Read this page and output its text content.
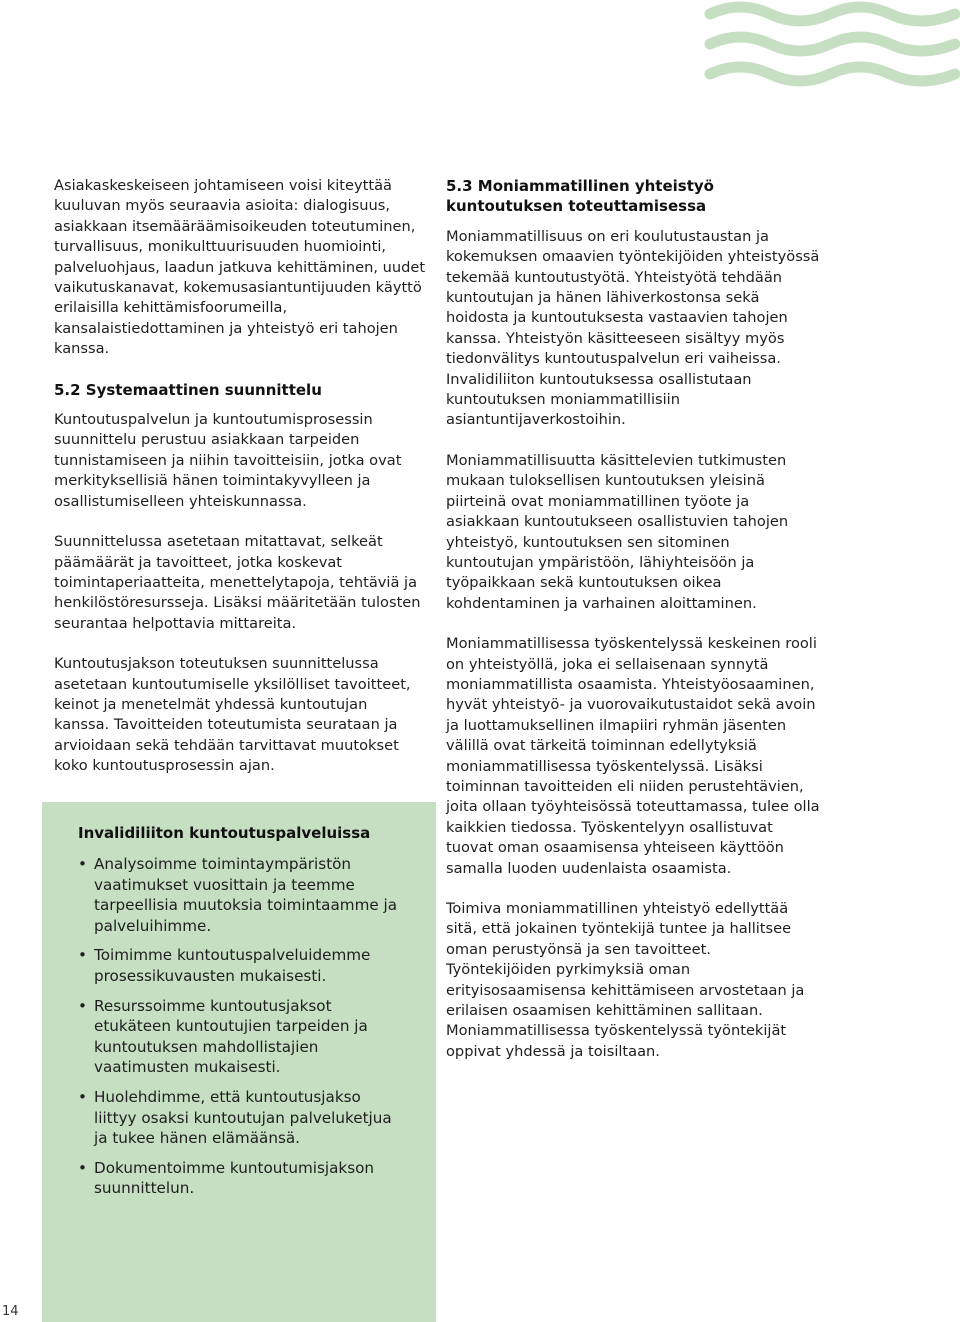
Asiakaskeskeiseen johtamiseen voisi kiteyttää kuuluvan myös seuraavia asioita: dialogisuus, asiakkaan itsemääräämisoikeuden toteutuminen, turvallisuus, monikulttuurisuuden huomiointi, palveluohjaus, laadun jatkuva kehittäminen, uudet vaikutuskanavat, kokemusasiantuntijuuden käyttö erilaisilla kehittämisfoorumeilla, kansalaistiedottaminen ja yhteistyö eri tahojen kanssa.

5.2 Systemaattinen suunnittelu

Kuntoutuspalvelun ja kuntoutumisprosessin suunnittelu perustuu asiakkaan tarpeiden tunnistamiseen ja niihin tavoitteisiin, jotka ovat merkityksellisiä hänen toimintakyvylleen ja osallistumiselleen yhteiskunnassa.

Suunnittelussa asetetaan mitattavat, selkeät päämäärät ja tavoitteet, jotka koskevat toimintaperiaatteita, menettelytapoja, tehtäviä ja henkilöstöresursseja. Lisäksi määritetään tulosten seurantaa helpottavia mittareita.

Kuntoutusjakson toteutuksen suunnittelussa asetetaan kuntoutumiselle yksilölliset tavoitteet, keinot ja menetelmät yhdessä kuntoutujan kanssa. Tavoitteiden toteutumista seurataan ja arvioidaan sekä tehdään tarvittavat muutokset koko kuntoutusprosessin ajan.

Invalidiliiton kuntoutuspalveluissa
• Analysoimme toimintaympäristön vaatimukset vuosittain ja teemme tarpeellisia muutoksia toimintaamme ja palveluihimme.
• Toimimme kuntoutuspalveluidemme prosessikuvausten mukaisesti.
• Resurssoimme kuntoutusjaksot etukäteen kuntoutujien tarpeiden ja kuntoutuksen mahdollistajien vaatimusten mukaisesti.
• Huolehdimme, että kuntoutusjakso liittyy osaksi kuntoutujan palveluketjua ja tukee hänen elämäänsä.
• Dokumentoimme kuntoutumisjakson suunnittelun.
5.3 Moniammatillinen yhteistyö
kuntoutuksen toteuttamisessa

Moniammatillisuus on eri koulutustaustan ja kokemuksen omaavien työntekijöiden yhteistyössä tekemää kuntoutustyötä. Yhteistyötä tehdään kuntoutujan ja hänen lähiverkostonsa sekä hoidosta ja kuntoutuksesta vastaavien tahojen kanssa. Yhteistyön käsitteeseen sisältyy myös tiedonvälitys kuntoutuspalvelun eri vaiheissa. Invalidiliiton kuntoutuksessa osallistutaan kuntoutuksen moniammatillisiin asiantuntijaverkostoihin.

Moniammatillisuutta käsittelevien tutkimusten mukaan tuloksellisen kuntoutuksen yleisinä piirteinä ovat moniammatillinen työote ja asiakkaan kuntoutukseen osallistuvien tahojen yhteistyö, kuntoutuksen sen sitominen kuntoutujan ympäristöön, lähiyhteisöön ja työpaikkaan sekä kuntoutuksen oikea kohdentaminen ja varhainen aloittaminen.

Moniammatillisessa työskentelyssä keskeinen rooli on yhteistyöllä, joka ei sellaisenaan synnytä moniammatillista osaamista. Yhteistyöosaaminen, hyvät yhteistyö- ja vuorovaikutustaidot sekä avoin ja luottamuksellinen ilmapiiri ryhmän jäsenten välillä ovat tärkeitä toiminnan edellytyksiä moniammatillisessa työskentelyssä. Lisäksi toiminnan tavoitteiden eli niiden perustehtävien, joita ollaan työyhteisössä toteuttamassa, tulee olla kaikkien tiedossa. Työskentelyyn osallistuvat tuovat oman osaamisensa yhteiseen käyttöön samalla luoden uudenlaista osaamista.

Toimiva moniammatillinen yhteistyö edellyttää sitä, että jokainen työntekijä tuntee ja hallitsee oman perustyönsä ja sen tavoitteet. Työntekijöiden pyrkimyksiä oman erityisosaamisensa kehittämiseen arvostetaan ja erilaisen osaamisen kehittäminen sallitaan. Moniammatillisessa työskentelyssä työntekijät oppivat yhdessä ja toisiltaan.

14
